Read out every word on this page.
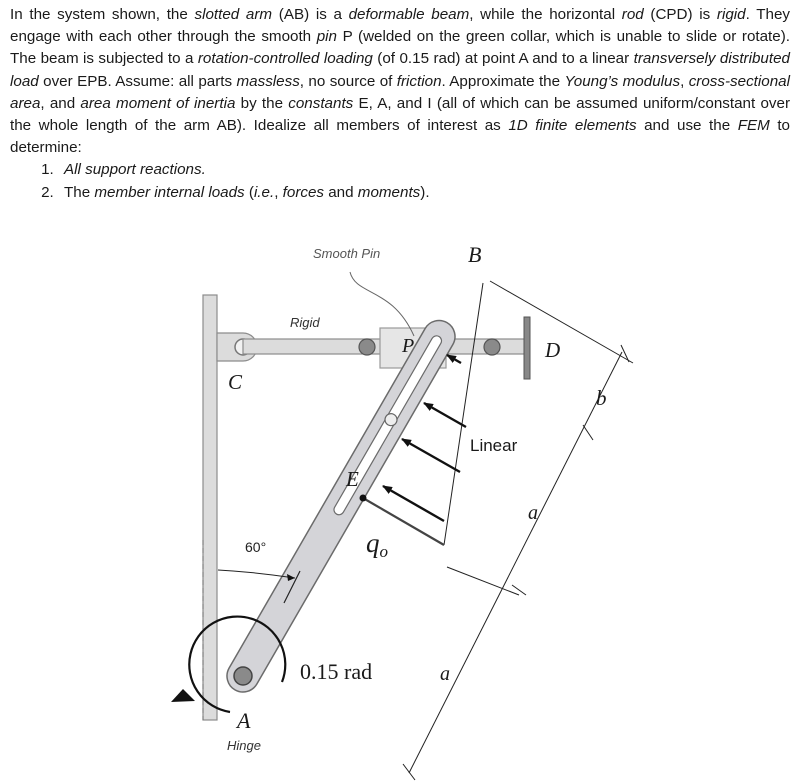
In the system shown, the slotted arm (AB) is a deformable beam, while the horizontal rod (CPD) is rigid. They engage with each other through the smooth pin P (welded on the green collar, which is unable to slide or rotate). The beam is subjected to a rotation-controlled loading (of 0.15 rad) at point A and to a linear transversely distributed load over EPB. Assume: all parts massless, no source of friction. Approximate the Young’s modulus, cross-sectional area, and area moment of inertia by the constants E, A, and I (all of which can be assumed uniform/constant over the whole length of the arm AB). Idealize all members of interest as 1D finite elements and use the FEM to determine:

1. All support reactions.
2. The member internal loads (i.e., forces and moments).
Smooth Pin	B
Rigid
P	D
C
b
Linear
E
a
qo
60°
0.15 rad	a
A
Hinge
